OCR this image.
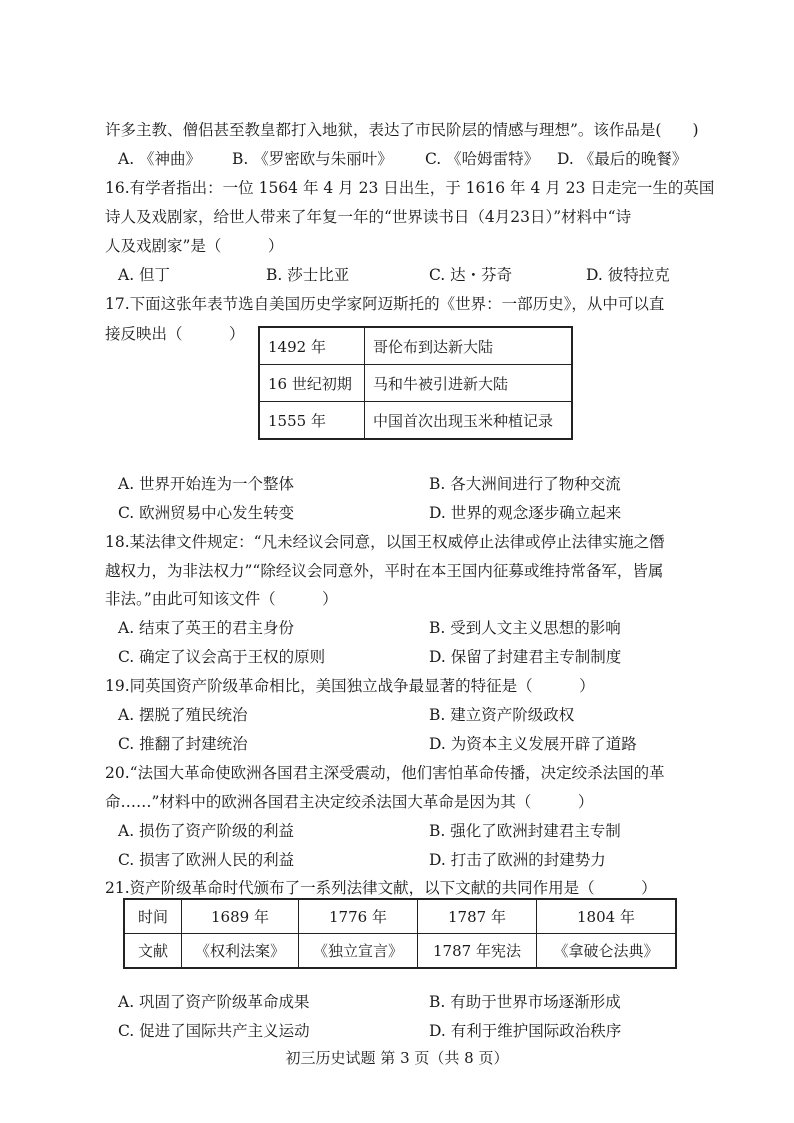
许多主教、僧侣甚至教皇都打入地狱，表达了市民阶层的情感与理想”。该作品是(　　)
A. 《神曲》 B. 《罗密欧与朱丽叶》 C. 《哈姆雷特》 D. 《最后的晚餐》
16.有学者指出：一位 1564 年 4 月 23 日出生，于 1616 年 4 月 23 日走完一生的英国
诗人及戏剧家，给世人带来了年复一年的“世界读书日（4月23日）”材料中“诗
人及戏剧家”是（　　　）
A. 但丁	B. 莎士比亚	C. 达・芬奇	D. 彼特拉克
17.下面这张年表节选自美国历史学家阿迈斯托的《世界：一部历史》，从中可以直
接反映出（　　　）
1492 年	哥伦布到达新大陆
16 世纪初期	马和牛被引进新大陆
1555 年	中国首次出现玉米种植记录
A. 世界开始连为一个整体	B. 各大洲间进行了物种交流
C. 欧洲贸易中心发生转变	D. 世界的观念逐步确立起来
18.某法律文件规定：“凡未经议会同意，以国王权威停止法律或停止法律实施之僭
越权力，为非法权力”“除经议会同意外，平时在本王国内征募或维持常备军，皆属
非法。”由此可知该文件（　　　）
A. 结束了英王的君主身份	B. 受到人文主义思想的影响
C. 确定了议会高于王权的原则	D. 保留了封建君主专制制度
19.同英国资产阶级革命相比，美国独立战争最显著的特征是（　　　）
A. 摆脱了殖民统治	B. 建立资产阶级政权
C. 推翻了封建统治	D. 为资本主义发展开辟了道路
20.“法国大革命使欧洲各国君主深受震动，他们害怕革命传播，决定绞杀法国的革
命……”材料中的欧洲各国君主决定绞杀法国大革命是因为其（　　　）
A. 损伤了资产阶级的利益	B. 强化了欧洲封建君主专制
C. 损害了欧洲人民的利益	D. 打击了欧洲的封建势力
21.资产阶级革命时代颁布了一系列法律文献，以下文献的共同作用是（　　　）
时间	1689 年	1776 年	1787 年	1804 年
文献	《权利法案》	《独立宣言》	1787 年宪法	《拿破仑法典》
A. 巩固了资产阶级革命成果	B. 有助于世界市场逐渐形成
C. 促进了国际共产主义运动	D. 有利于维护国际政治秩序
初三历史试题 第 3 页（共 8 页）
